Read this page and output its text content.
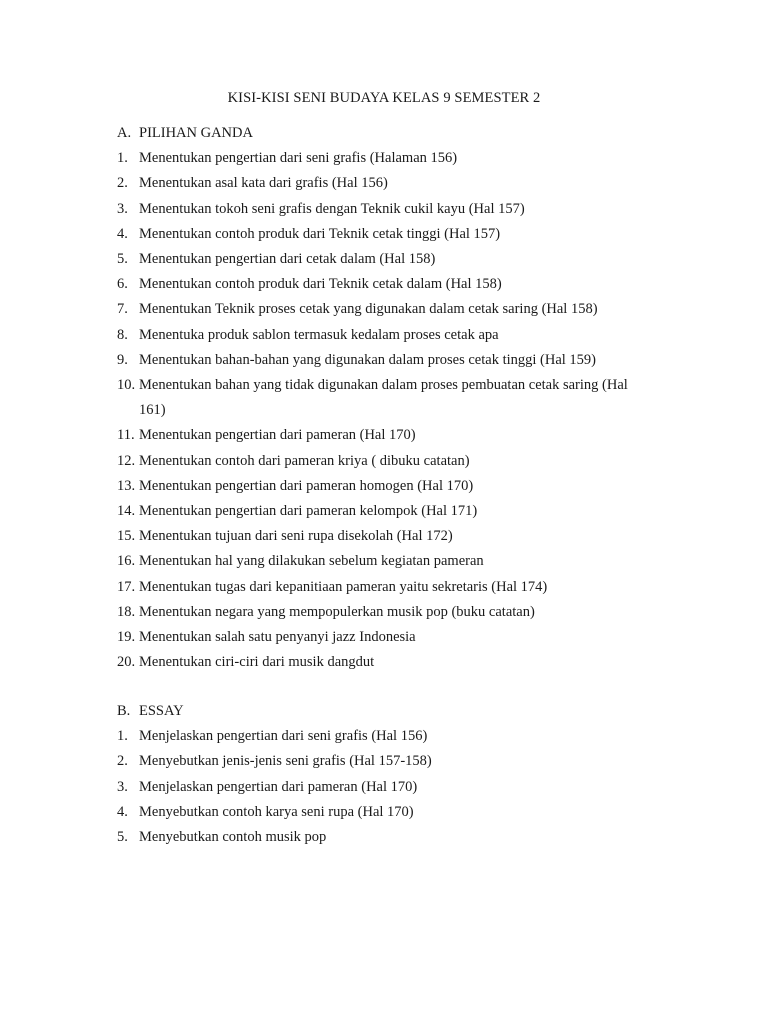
KISI-KISI SENI BUDAYA KELAS 9 SEMESTER 2
A. PILIHAN GANDA
1. Menentukan pengertian dari seni grafis (Halaman 156)
2. Menentukan asal kata dari grafis (Hal 156)
3. Menentukan tokoh seni grafis dengan Teknik cukil kayu (Hal 157)
4. Menentukan contoh produk dari Teknik cetak tinggi (Hal 157)
5. Menentukan pengertian dari cetak dalam (Hal 158)
6. Menentukan contoh produk dari Teknik cetak dalam (Hal 158)
7. Menentukan Teknik proses cetak yang digunakan dalam cetak saring (Hal 158)
8. Menentuka produk sablon termasuk kedalam proses cetak apa
9. Menentukan bahan-bahan yang digunakan dalam proses cetak tinggi (Hal 159)
10. Menentukan bahan yang tidak digunakan dalam proses pembuatan cetak saring (Hal
161)
11. Menentukan pengertian dari pameran (Hal 170)
12. Menentukan contoh dari pameran kriya ( dibuku catatan)
13. Menentukan pengertian dari pameran homogen (Hal 170)
14. Menentukan pengertian dari pameran kelompok (Hal 171)
15. Menentukan tujuan dari seni rupa disekolah (Hal 172)
16. Menentukan hal yang dilakukan sebelum kegiatan pameran
17. Menentukan tugas dari kepanitiaan pameran yaitu sekretaris (Hal 174)
18. Menentukan negara yang mempopulerkan musik pop (buku catatan)
19. Menentukan salah satu penyanyi jazz Indonesia
20. Menentukan ciri-ciri dari musik dangdut
B. ESSAY
1. Menjelaskan pengertian dari seni grafis (Hal 156)
2. Menyebutkan jenis-jenis seni grafis (Hal 157-158)
3. Menjelaskan pengertian dari pameran (Hal 170)
4. Menyebutkan contoh karya seni rupa (Hal 170)
5. Menyebutkan contoh musik pop
